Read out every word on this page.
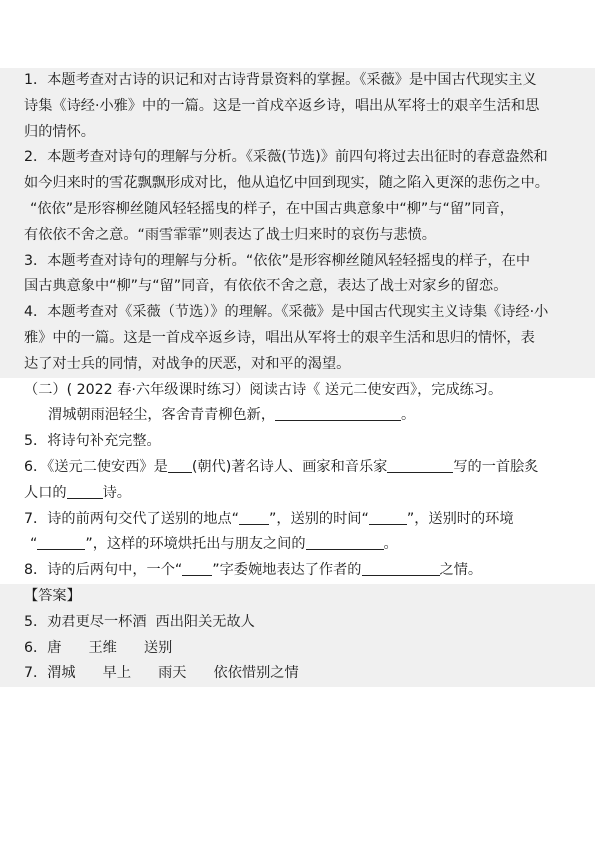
1．本题考查对古诗的识记和对古诗背景资料的掌握。《采薇》是中国古代现实主义
诗集《诗经·小雅》中的一篇。这是一首戍卒返乡诗，唱出从军将士的艰辛生活和思
归的情怀。
2．本题考查对诗句的理解与分析。《采薇(节选)》前四句将过去出征时的春意盎然和
如今归来时的雪花飘飘形成对比，他从追忆中回到现实，随之陷入更深的悲伤之中。
“依依”是形容柳丝随风轻轻摇曳的样子，在中国古典意象中“柳”与“留”同音，
有依依不舍之意。“雨雪霏霏”则表达了战士归来时的哀伤与悲愤。
3．本题考查对诗句的理解与分析。“依依”是形容柳丝随风轻轻摇曳的样子，在中
国古典意象中“柳”与“留”同音，有依依不舍之意，表达了战士对家乡的留恋。
4．本题考查对《采薇（节选）》的理解。《采薇》是中国古代现实主义诗集《诗经·小
雅》中的一篇。这是一首戍卒返乡诗，唱出从军将士的艰辛生活和思归的情怀，表
达了对士兵的同情，对战争的厌恶，对和平的渴望。
（二）( 2022 春·六年级课时练习）阅读古诗《 送元二使安西》，完成练习。
渭城朝雨浥轻尘，客舍青青柳色新，	。
5．将诗句补充完整。
6．《送元二使安西》是 (朝代)著名诗人、画家和音乐家	写的一首脍炙
人口的	诗。
7．诗的前两句交代了送别的地点“ ”，送别的时间“	”，送别时的环境
“	”，这样的环境烘托出与朋友之间的	。
8．诗的后两句中，一个“ ”字委婉地表达了作者的	之情。
【答案】
5．劝君更尽一杯酒  西出阳关无故人
6．唐      王维      送别
7．渭城      早上      雨天      依依惜别之情
